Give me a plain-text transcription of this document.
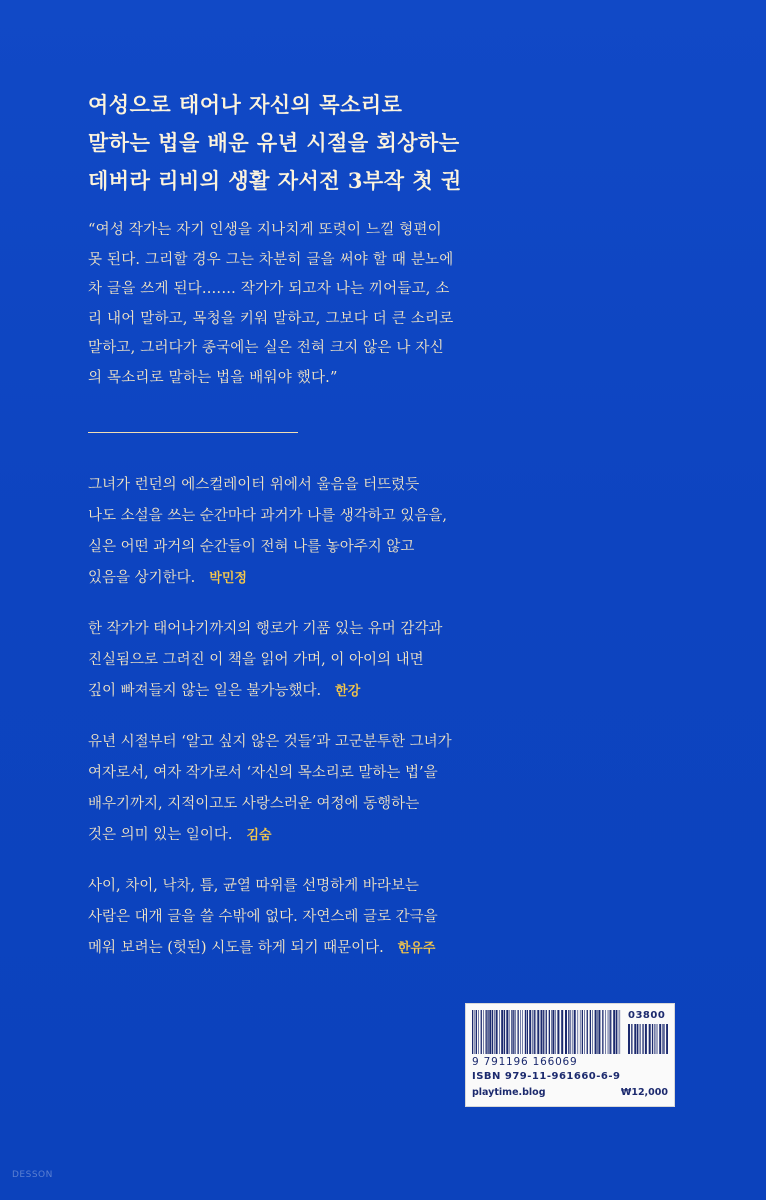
여성으로 태어나 자신의 목소리로
말하는 법을 배운 유년 시절을 회상하는
데버라 리비의 생활 자서전 3부작 첫 권
“여성 작가는 자기 인생을 지나치게 또렷이 느낄 형편이
못 된다. 그리할 경우 그는 차분히 글을 써야 할 때 분노에
차 글을 쓰게 된다.…… 작가가 되고자 나는 끼어들고, 소
리 내어 말하고, 목청을 키워 말하고, 그보다 더 큰 소리로
말하고, 그러다가 종국에는 실은 전혀 크지 않은 나 자신
의 목소리로 말하는 법을 배워야 했다.”
그녀가 런던의 에스컬레이터 위에서 울음을 터뜨렸듯
나도 소설을 쓰는 순간마다 과거가 나를 생각하고 있음을,
실은 어떤 과거의 순간들이 전혀 나를 놓아주지 않고
있음을 상기한다. 박민정
한 작가가 태어나기까지의 행로가 기품 있는 유머 감각과
진실됨으로 그려진 이 책을 읽어 가며, 이 아이의 내면
깊이 빠져들지 않는 일은 불가능했다. 한강
유년 시절부터 ‘알고 싶지 않은 것들’과 고군분투한 그녀가
여자로서, 여자 작가로서 ‘자신의 목소리로 말하는 법’을
배우기까지, 지적이고도 사랑스러운 여정에 동행하는
것은 의미 있는 일이다. 김숨
사이, 차이, 낙차, 틈, 균열 따위를 선명하게 바라보는
사람은 대개 글을 쓸 수밖에 없다. 자연스레 글로 간극을
메워 보려는 (헛된) 시도를 하게 되기 때문이다. 한유주
03800
9 791196 166069
ISBN 979-11-961660-6-9
playtime.blog	₩12,000
DESSON
